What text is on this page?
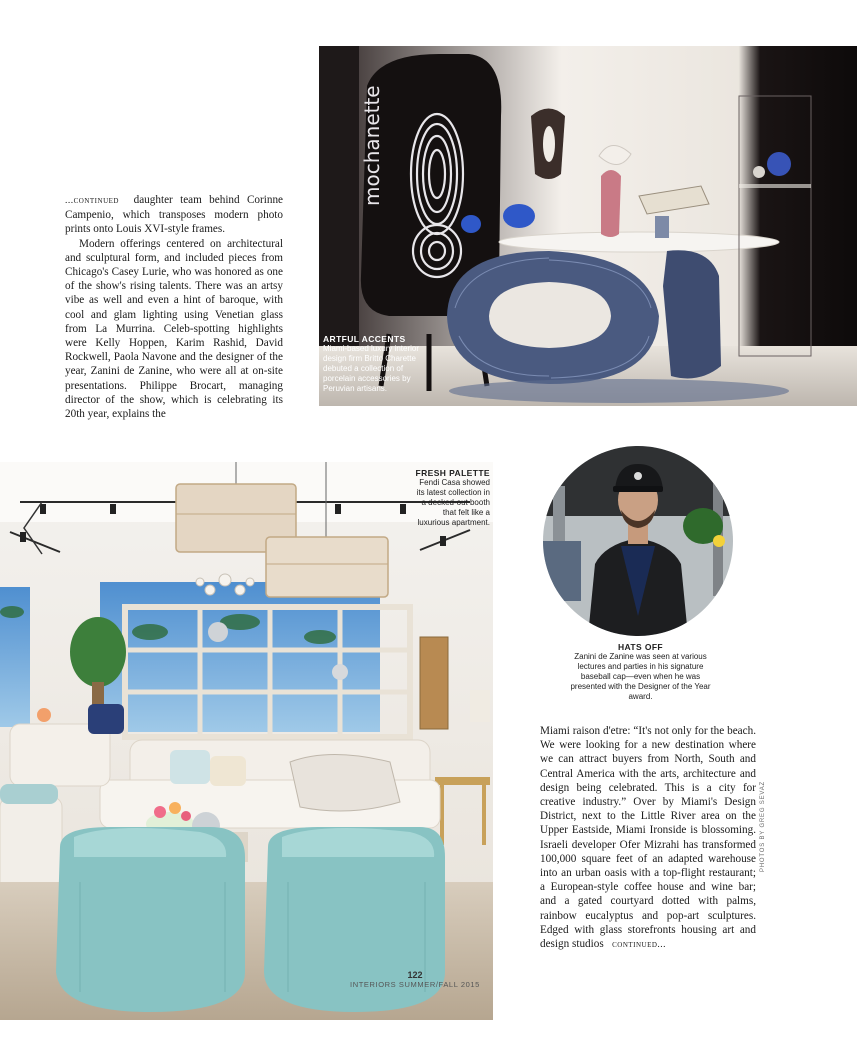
...continued daughter team behind Corinne Campenio, which transposes modern photo prints onto Louis XVI-style frames.

Modern offerings centered on architectural and sculptural form, and included pieces from Chicago's Casey Lurie, who was honored as one of the show's rising talents. There was an artsy vibe as well and even a hint of baroque, with cool and glam lighting using Venetian glass from La Murrina. Celeb-spotting highlights were Kelly Hoppen, Karim Rashid, David Rockwell, Paola Navone and the designer of the year, Zanini de Zanine, who were all at on-site presentations. Philippe Brocart, managing director of the show, which is celebrating its 20th year, explains the

mochanette
ARTFUL ACCENTS
Miami-based luxury interior design firm Britto Charette debuted a collection of porcelain accessories by Peruvian artisans.
FRESH PALETTE
Fendi Casa showed its latest collection in a decked-out booth that felt like a luxurious apartment.
122
INTERIORS SUMMER/FALL 2015
HATS OFF
Zanini de Zanine was seen at various lectures and parties in his signature baseball cap—even when he was presented with the Designer of the Year award.

Miami raison d'etre: “It's not only for the beach. We were looking for a new destination where we can attract buyers from North, South and Central America with the arts, architecture and design being celebrated. This is a city for creative industry.” Over by Miami's Design District, next to the Little River area on the Upper Eastside, Miami Ironside is blossoming. Israeli developer Ofer Mizrahi has transformed 100,000 square feet of an adapted warehouse into an urban oasis with a top-flight restaurant; a European-style coffee house and wine bar; and a gated courtyard dotted with palms, rainbow eucalyptus and pop-art sculptures. Edged with glass storefronts housing art and design studios continued...

PHOTOS BY GREG SEVAZ
